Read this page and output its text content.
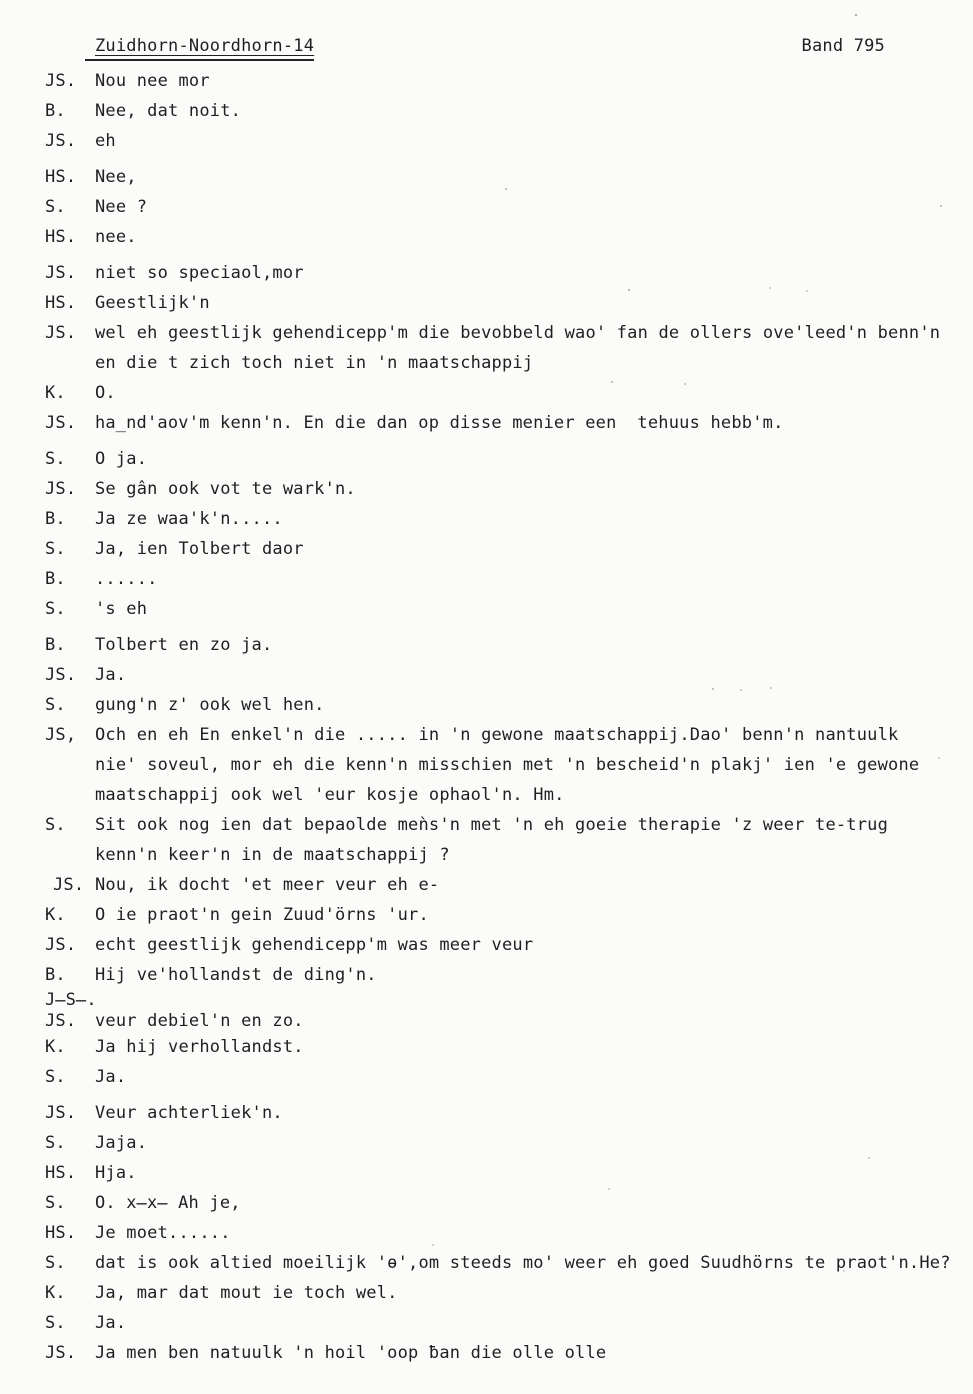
Zuidhorn-Noordhorn-14	Band 795
JS.	Nou nee mor
B.	Nee, dat noit.
JS.	eh
HS.	Nee,
S.	Nee ?
HS.	nee.
JS.	niet so speciaol,mor
HS.	Geestlijk'n
JS.	wel eh geestlijk gehendicepp'm die bevobbeld wao' fan de ollers ove'leed'n benn'n
en die t zich toch niet in 'n maatschappij
K.	O.
JS.	ha̲nd'aov'm kenn'n. En die dan op disse menier een  tehuus hebb'm.
S.	O ja.
JS.	Se gân ook vot te wark'n.
B.	Ja ze waa'k'n.....
S.	Ja, ien Tolbert daor
B.	......
S.	's eh
B.	Tolbert en zo ja.
JS.	Ja.
S.	gung'n z' ook wel hen.
JS,	Och en eh En enkel'n die ..... in 'n gewone maatschappij.Dao' benn'n nantuulk
nie' soveul, mor eh die kenn'n misschien met 'n bescheid'n plakj' ien 'e gewone
maatschappij ook wel 'eur kosje ophaol'n. Hm.
S.	Sit ook nog ien dat bepaolde meǹs'n met 'n eh goeie therapie 'z weer te-trug
kenn'n keer'n in de maatschappij ?
JS. Nou, ik docht 'et meer veur eh e-
K.	O ie praot'n gein Zuud'örns 'ur.
JS.	echt geestlijk gehendicepp'm was meer veur
B.	Hij ve'hollandst de ding'n.
J̶S̶.
JS.	veur debiel'n en zo.
K.	Ja hij verhollandst.
S.	Ja.
JS.	Veur achterliek'n.
S.	Jaja.
HS.	Hja.
S.	O. x̶x̶ Ah je,
HS.	Je moet......
S.	dat is ook altied moeilijk 'ө',om steeds mo' weer eh goed Suudhörns te praot'n.He?
K.	Ja, mar dat mout ie toch wel.
S.	Ja.
JS.	Ja men ben natuulk 'n hoil 'oop ƀan die olle olle
